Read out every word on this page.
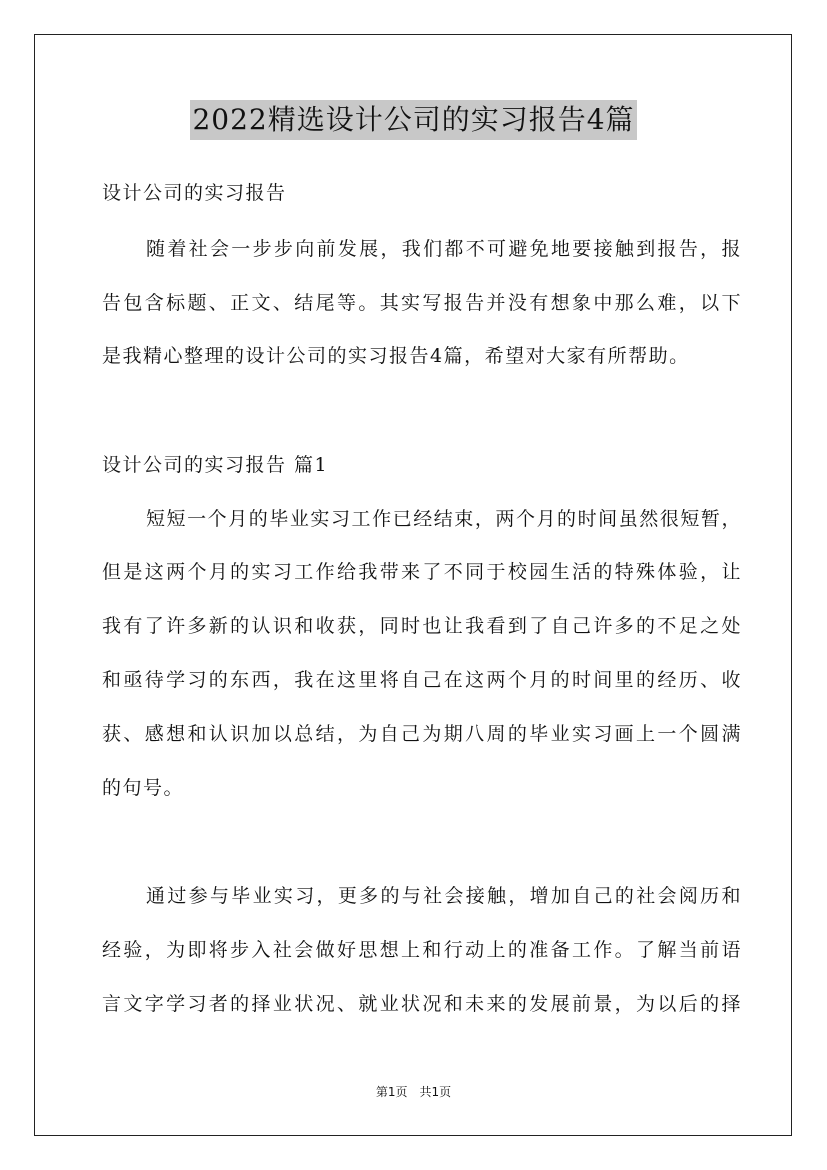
2022精选设计公司的实习报告4篇
设计公司的实习报告
随着社会一步步向前发展，我们都不可避免地要接触到报告，报
告包含标题、正文、结尾等。其实写报告并没有想象中那么难，以下
是我精心整理的设计公司的实习报告4篇，希望对大家有所帮助。
设计公司的实习报告 篇1
短短一个月的毕业实习工作已经结束，两个月的时间虽然很短暂，
但是这两个月的实习工作给我带来了不同于校园生活的特殊体验，让
我有了许多新的认识和收获，同时也让我看到了自己许多的不足之处
和亟待学习的东西，我在这里将自己在这两个月的时间里的经历、收
获、感想和认识加以总结，为自己为期八周的毕业实习画上一个圆满
的句号。
通过参与毕业实习，更多的与社会接触，增加自己的社会阅历和
经验，为即将步入社会做好思想上和行动上的准备工作。了解当前语
言文字学习者的择业状况、就业状况和未来的发展前景，为以后的择
第1页　共1页
